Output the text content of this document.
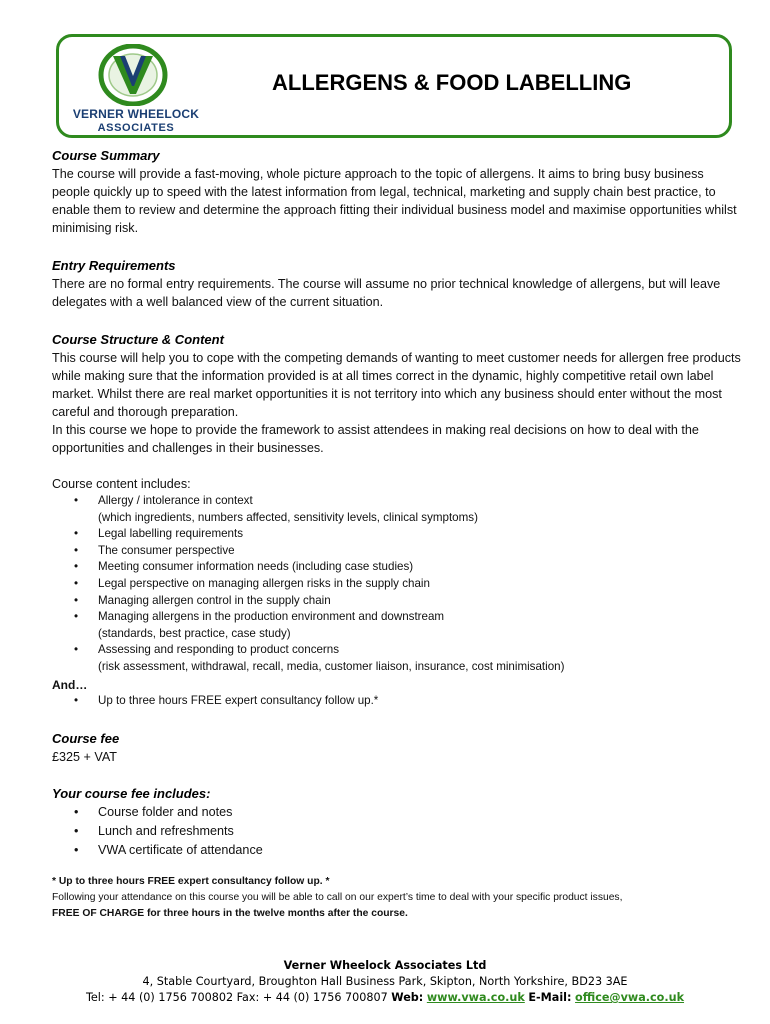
VERNER WHEELOCK
ASSOCIATES
ALLERGENS & FOOD LABELLING
Course Summary

The course will provide a fast-moving, whole picture approach to the topic of allergens. It aims to bring busy business people quickly up to speed with the latest information from legal, technical, marketing and supply chain best practice, to enable them to review and determine the approach fitting their individual business model and maximise opportunities whilst minimising risk.

Entry Requirements

There are no formal entry requirements. The course will assume no prior technical knowledge of allergens, but will leave delegates with a well balanced view of the current situation.

Course Structure & Content

This course will help you to cope with the competing demands of wanting to meet customer needs for allergen free products while making sure that the information provided is at all times correct in the dynamic, highly competitive retail own label market. Whilst there are real market opportunities it is not territory into which any business should enter without the most careful and thorough preparation.

In this course we hope to provide the framework to assist attendees in making real decisions on how to deal with the opportunities and challenges in their businesses.

Course content includes:

• Allergy / intolerance in context
(which ingredients, numbers affected, sensitivity levels, clinical symptoms)
• Legal labelling requirements
• The consumer perspective
• Meeting consumer information needs (including case studies)
• Legal perspective on managing allergen risks in the supply chain
• Managing allergen control in the supply chain
• Managing allergens in the production environment and downstream
(standards, best practice, case study)
• Assessing and responding to product concerns
(risk assessment, withdrawal, recall, media, customer liaison, insurance, cost minimisation)
And…
• Up to three hours FREE expert consultancy follow up.*
Course fee

£325 + VAT

Your course fee includes:
• Course folder and notes
• Lunch and refreshments
• VWA certificate of attendance
* Up to three hours FREE expert consultancy follow up. *
Following your attendance on this course you will be able to call on our expert’s time to deal with your specific product issues,
FREE OF CHARGE for three hours in the twelve months after the course.
Verner Wheelock Associates Ltd
4, Stable Courtyard, Broughton Hall Business Park, Skipton, North Yorkshire, BD23 3AE
Tel: + 44 (0) 1756 700802 Fax: + 44 (0) 1756 700807 Web: www.vwa.co.uk E-Mail: office@vwa.co.uk
